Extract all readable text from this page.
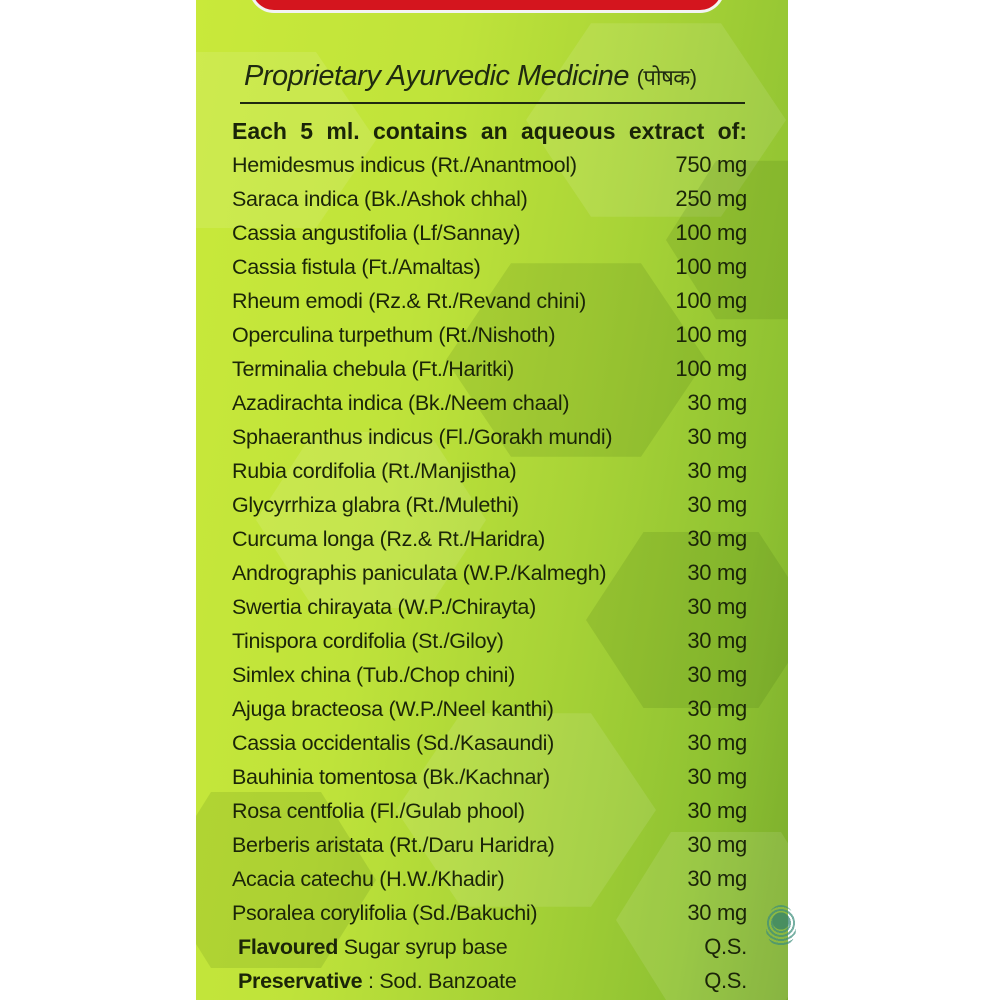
Proprietary Ayurvedic Medicine (पोषक)
Each 5 ml. contains an aqueous extract of:
Hemidesmus indicus (Rt./Anantmool)	750 mg
Saraca indica (Bk./Ashok chhal)	250 mg
Cassia angustifolia (Lf/Sannay)	100 mg
Cassia fistula (Ft./Amaltas)	100 mg
Rheum emodi (Rz.& Rt./Revand chini)	100 mg
Operculina turpethum (Rt./Nishoth)	100 mg
Terminalia chebula (Ft./Haritki)	100 mg
Azadirachta indica (Bk./Neem chaal)	30 mg
Sphaeranthus indicus (Fl./Gorakh mundi)	30 mg
Rubia cordifolia (Rt./Manjistha)	30 mg
Glycyrrhiza glabra (Rt./Mulethi)	30 mg
Curcuma longa (Rz.& Rt./Haridra)	30 mg
Andrographis paniculata (W.P./Kalmegh)	30 mg
Swertia chirayata (W.P./Chirayta)	30 mg
Tinispora cordifolia (St./Giloy)	30 mg
Simlex china (Tub./Chop chini)	30 mg
Ajuga bracteosa (W.P./Neel kanthi)	30 mg
Cassia occidentalis (Sd./Kasaundi)	30 mg
Bauhinia tomentosa (Bk./Kachnar)	30 mg
Rosa centfolia (Fl./Gulab phool)	30 mg
Berberis aristata (Rt./Daru Haridra)	30 mg
Acacia catechu (H.W./Khadir)	30 mg
Psoralea corylifolia (Sd./Bakuchi)	30 mg
Flavoured Sugar syrup base	Q.S.
Preservative : Sod. Banzoate	Q.S.
